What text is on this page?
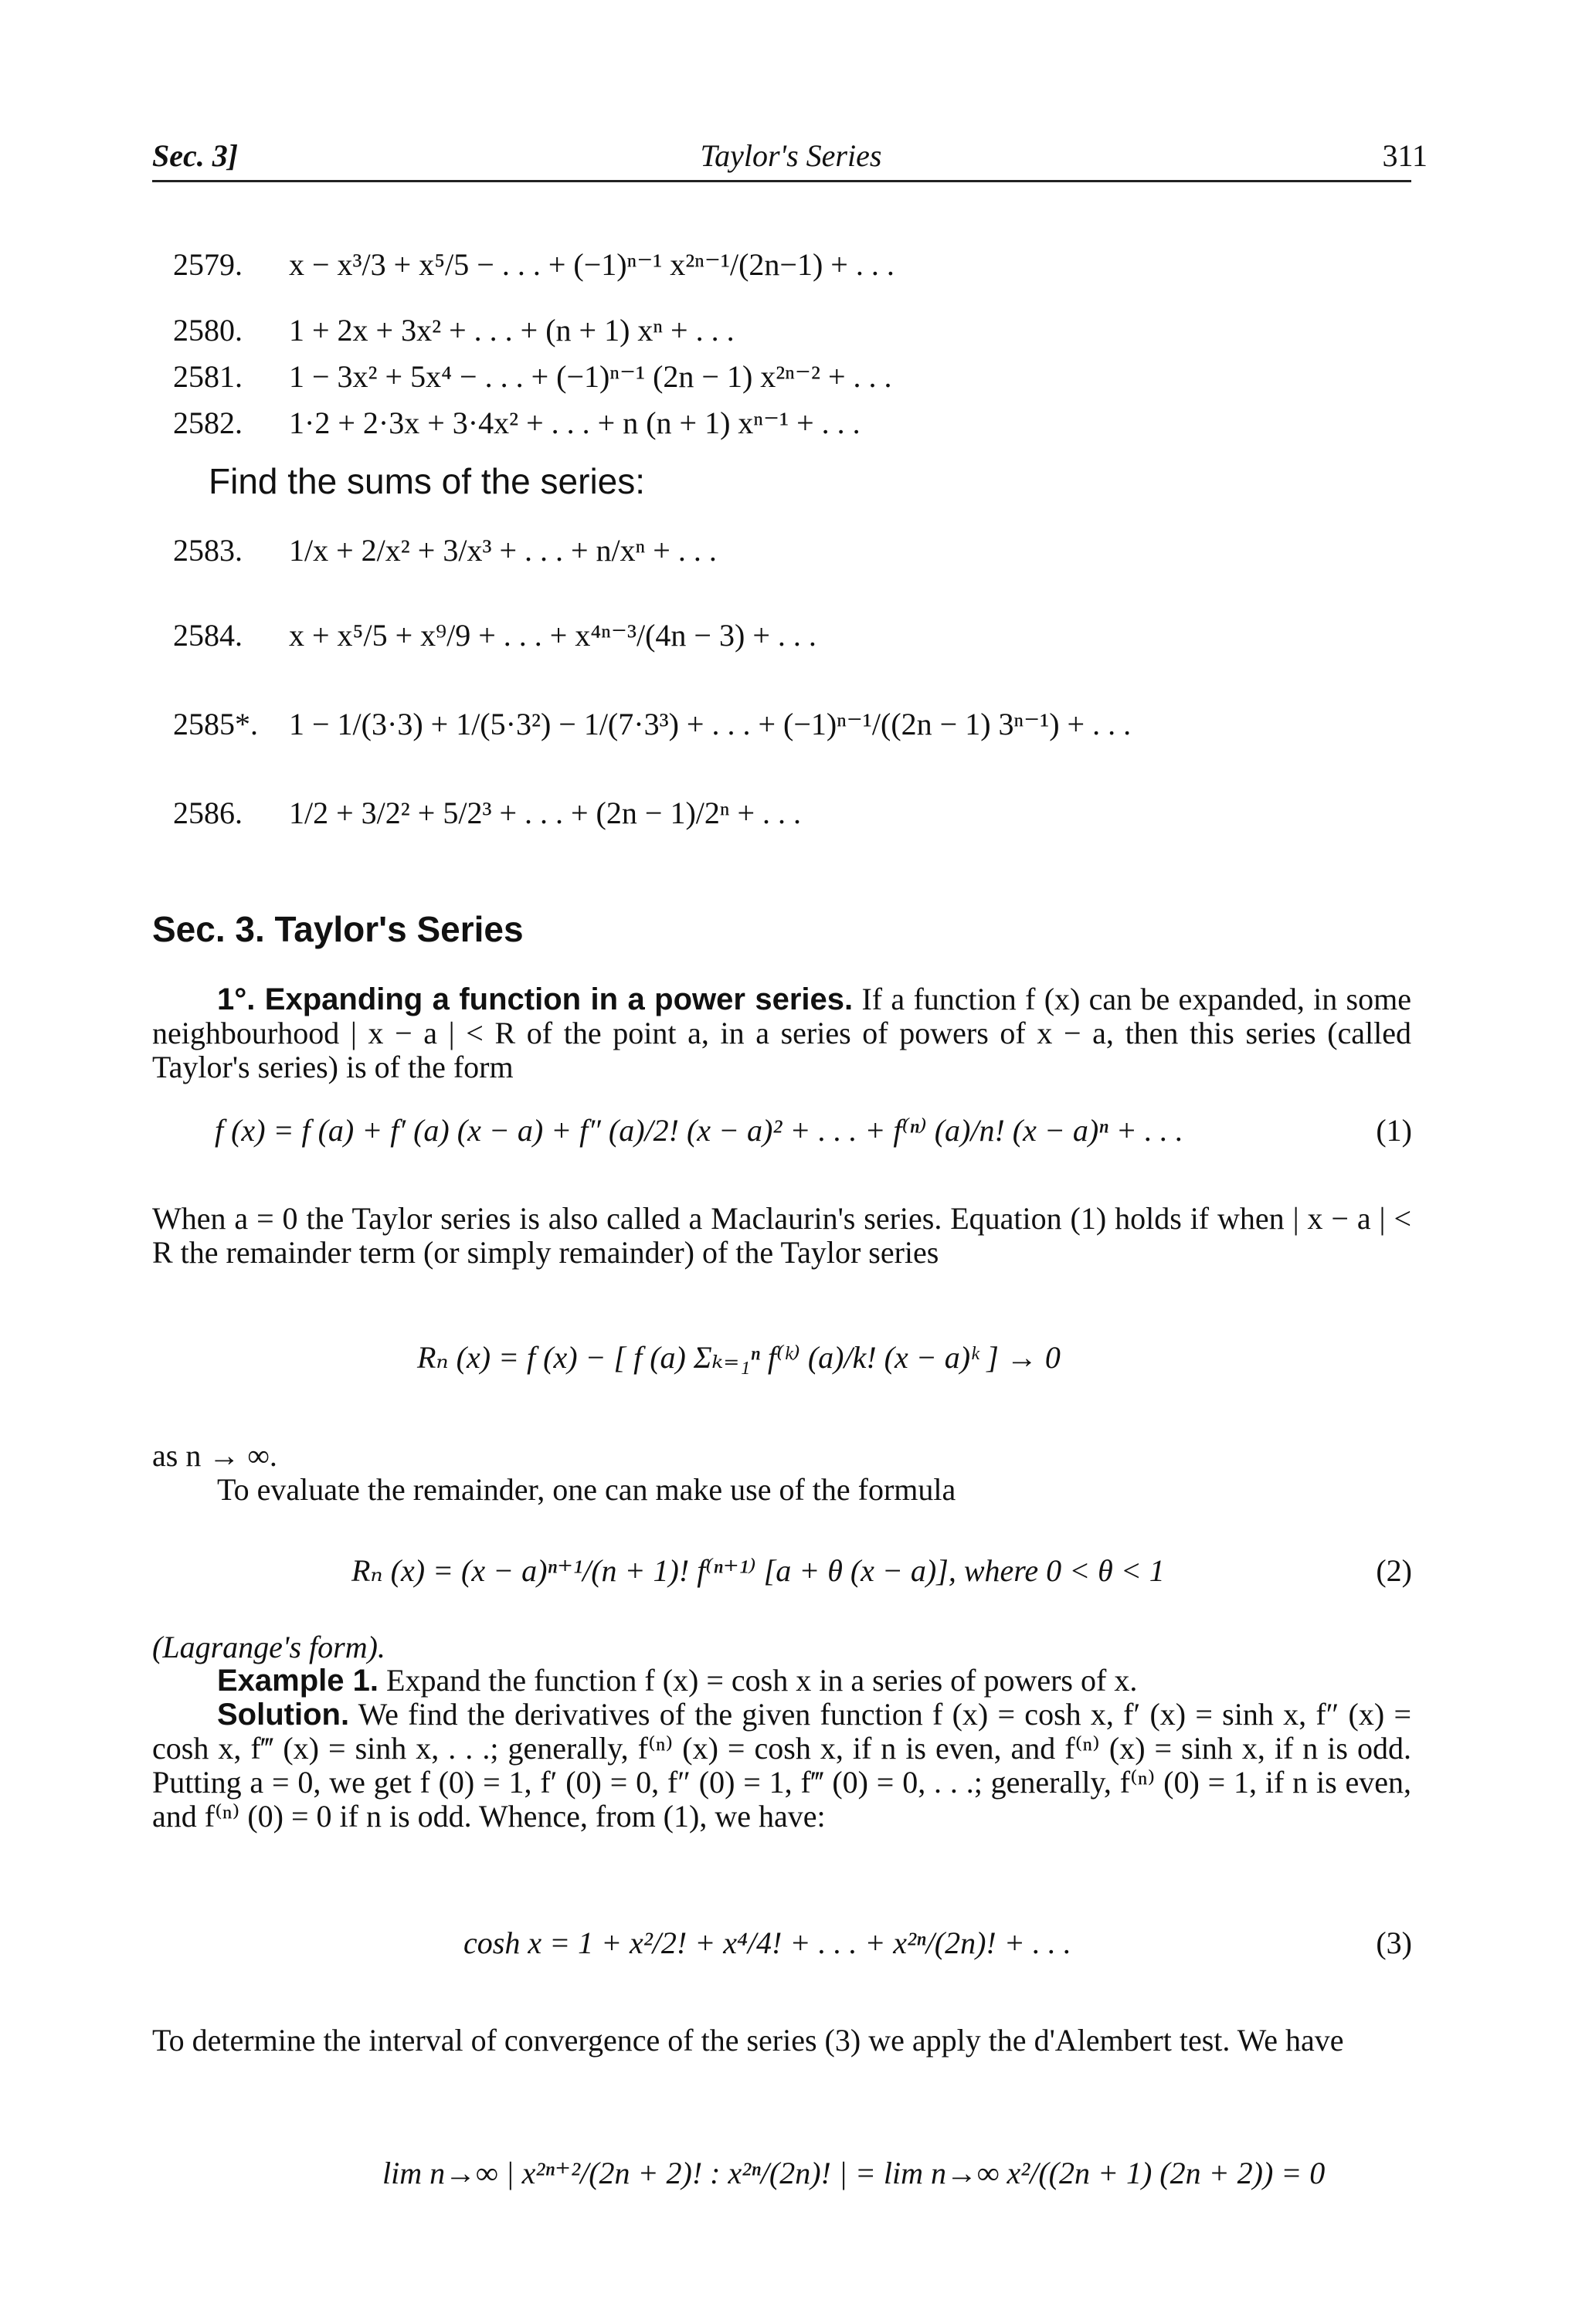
Sec. 3]	Taylor's Series	311
2579. x − x³/3 + x⁵/5 − . . . + (−1)ⁿ⁻¹ x²ⁿ⁻¹/(2n−1) + . . .
2580. 1 + 2x + 3x² + . . . + (n + 1) xⁿ + . . .
2581. 1 − 3x² + 5x⁴ − . . . + (−1)ⁿ⁻¹ (2n − 1) x²ⁿ⁻² + . . .
2582. 1·2 + 2·3x + 3·4x² + . . . + n (n + 1) xⁿ⁻¹ + . . .
Find the sums of the series:
2583. 1/x + 2/x² + 3/x³ + . . . + n/xⁿ + . . .
2584. x + x⁵/5 + x⁹/9 + . . . + x⁴ⁿ⁻³/(4n − 3) + . . .
2585*. 1 − 1/(3·3) + 1/(5·3²) − 1/(7·3³) + . . . + (−1)ⁿ⁻¹/((2n − 1) 3ⁿ⁻¹) + . . .
2586. 1/2 + 3/2² + 5/2³ + . . . + (2n − 1)/2ⁿ + . . .
Sec. 3. Taylor's Series
1°. Expanding a function in a power series. If a function f (x) can be expanded, in some neighbourhood | x − a | < R of the point a, in a series of powers of x − a, then this series (called Taylor's series) is of the form
f (x) = f (a) + f′ (a) (x − a) + f″ (a)/2! (x − a)² + . . . + f⁽ⁿ⁾ (a)/n! (x − a)ⁿ + . . .	(1)
When a = 0 the Taylor series is also called a Maclaurin's series. Equation (1) holds if when | x − a | < R the remainder term (or simply remainder) of the Taylor series
Rₙ (x) = f (x) − [ f (a) Σₖ₌₁ⁿ f⁽ᵏ⁾ (a)/k! (x − a)ᵏ ] → 0
as n → ∞.
To evaluate the remainder, one can make use of the formula
Rₙ (x) = (x − a)ⁿ⁺¹/(n + 1)! f⁽ⁿ⁺¹⁾ [a + θ (x − a)], where 0 < θ < 1	(2)
(Lagrange's form).
Example 1. Expand the function f (x) = cosh x in a series of powers of x.
Solution. We find the derivatives of the given function f (x) = cosh x, f′ (x) = sinh x, f″ (x) = cosh x, f‴ (x) = sinh x, . . .; generally, f⁽ⁿ⁾ (x) = cosh x, if n is even, and f⁽ⁿ⁾ (x) = sinh x, if n is odd. Putting a = 0, we get f (0) = 1, f′ (0) = 0, f″ (0) = 1, f‴ (0) = 0, . . .; generally, f⁽ⁿ⁾ (0) = 1, if n is even, and f⁽ⁿ⁾ (0) = 0 if n is odd. Whence, from (1), we have:
cosh x = 1 + x²/2! + x⁴/4! + . . . + x²ⁿ/(2n)! + . . .	(3)
To determine the interval of convergence of the series (3) we apply the d'Alembert test. We have
lim n→∞ | x²ⁿ⁺²/(2n + 2)! : x²ⁿ/(2n)! | = lim n→∞ x²/((2n + 1) (2n + 2)) = 0
